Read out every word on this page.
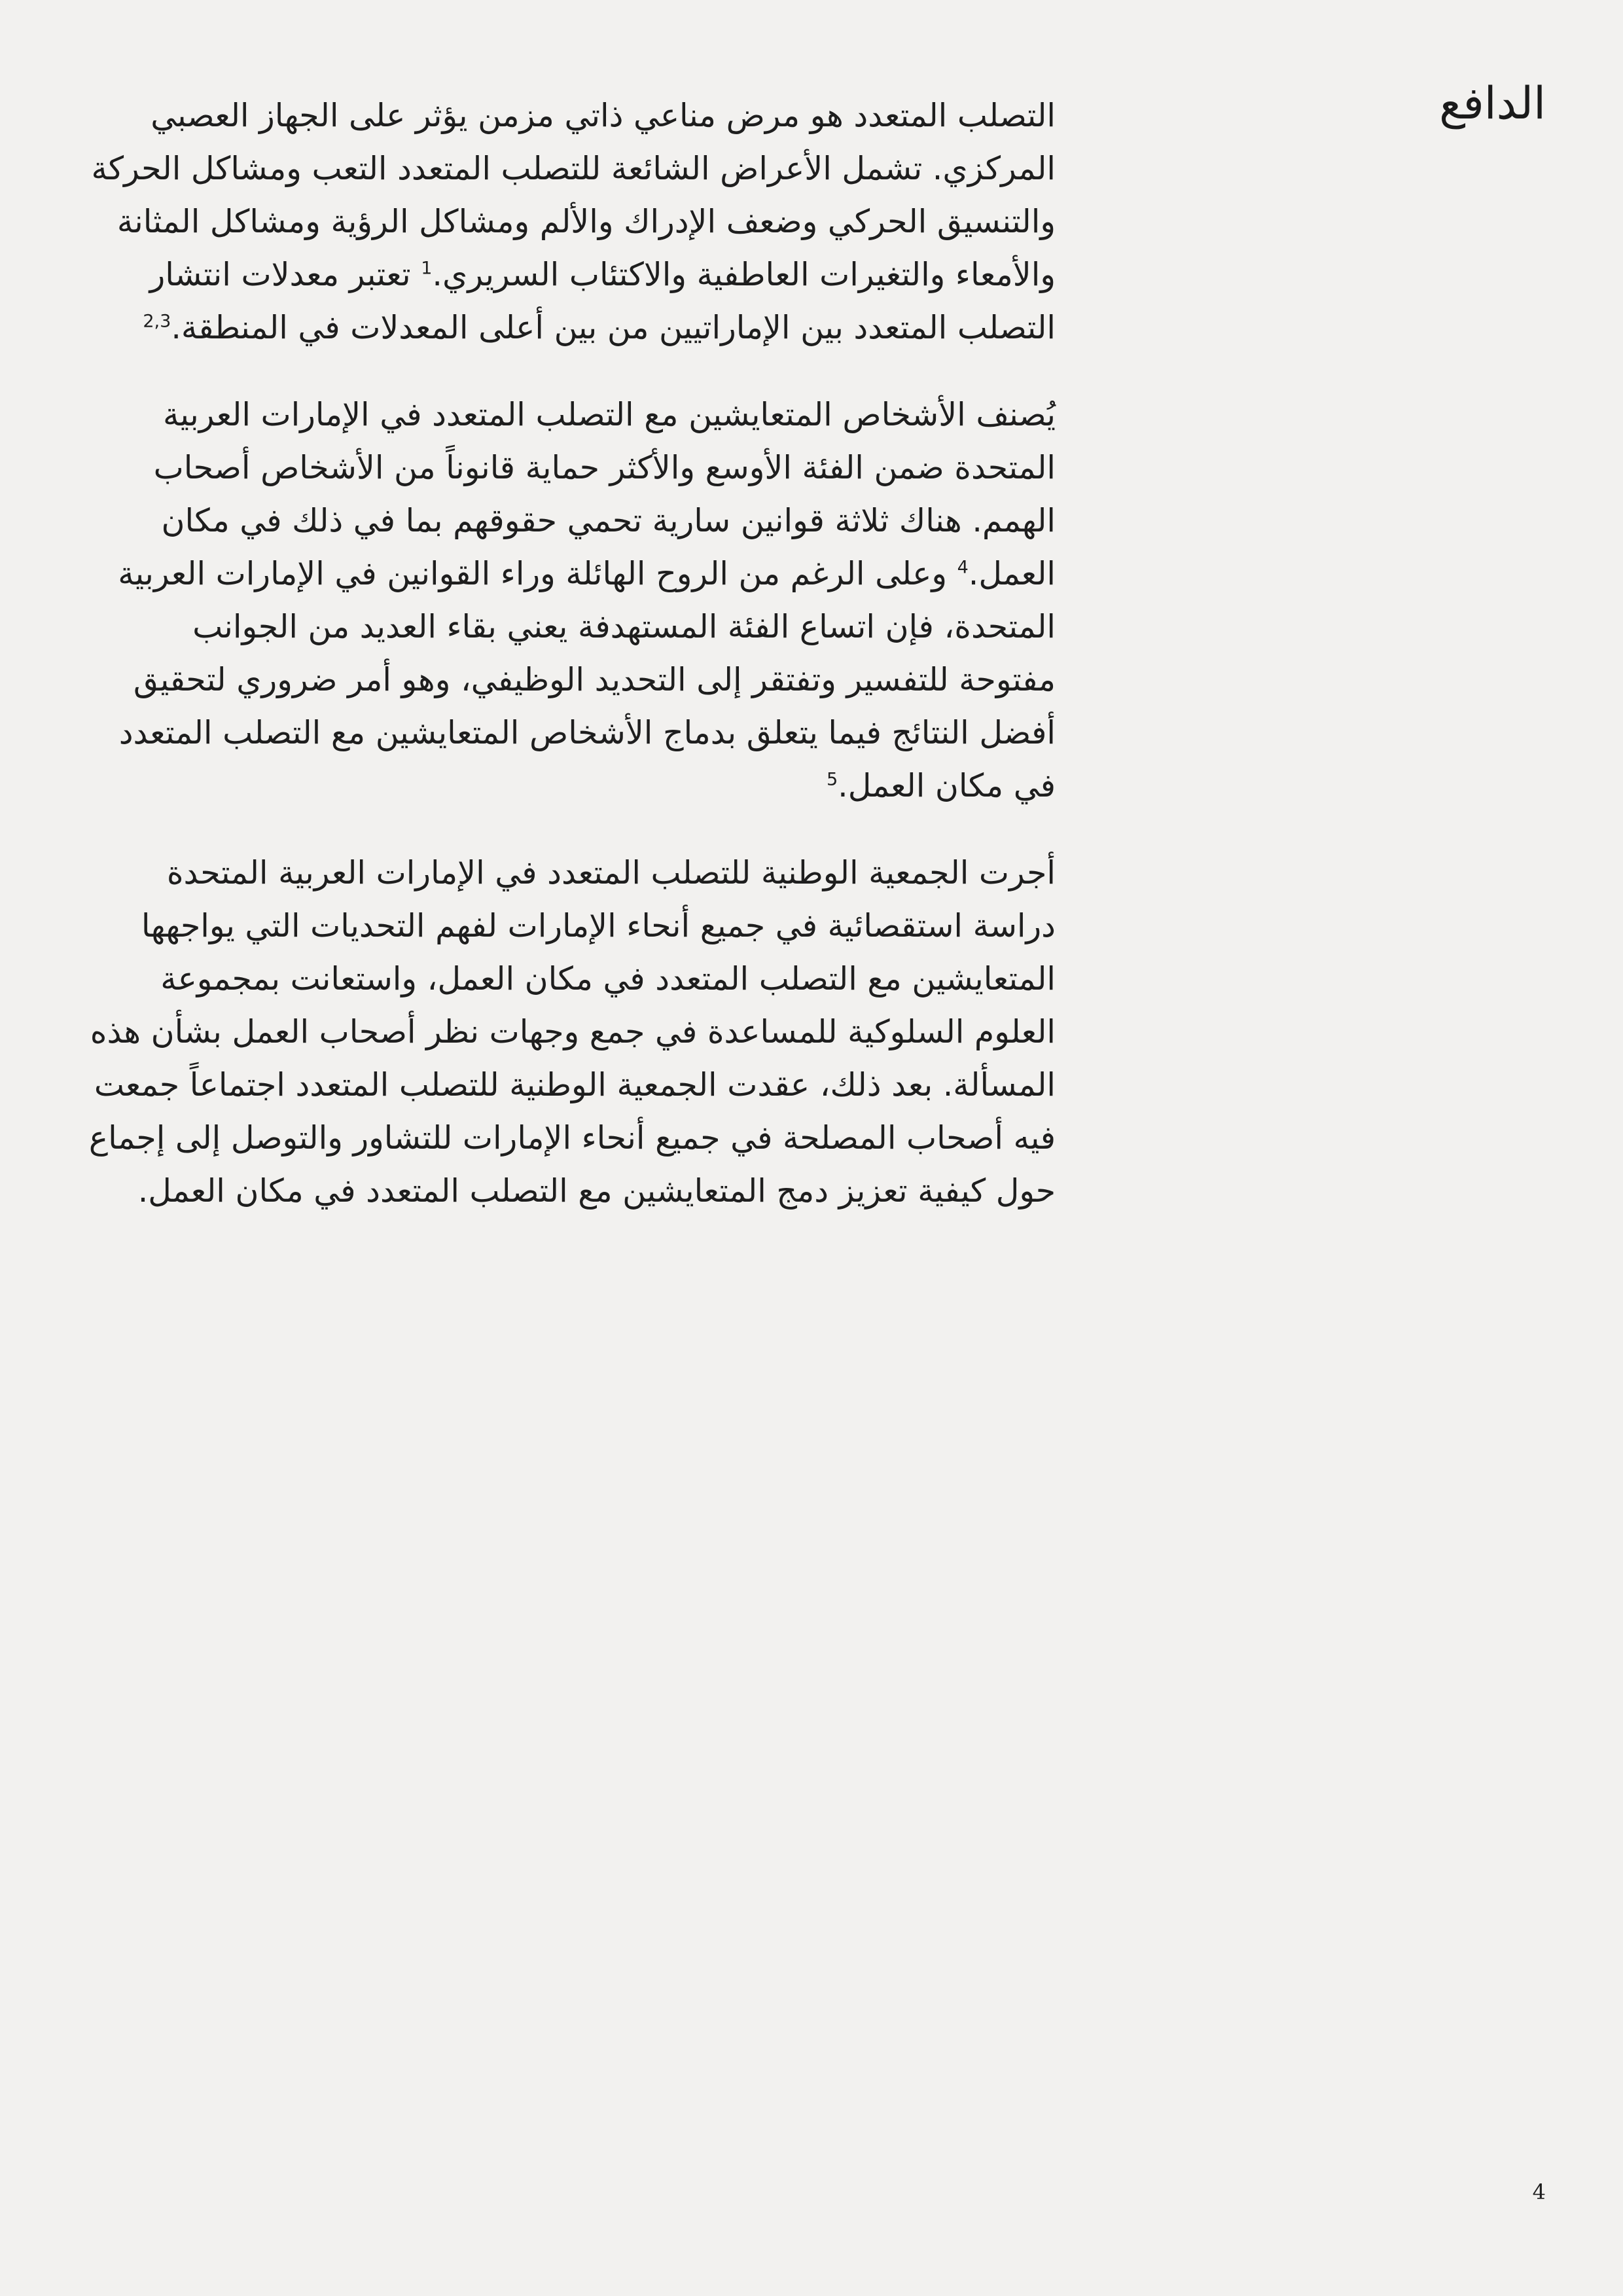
الدافع

التصلب المتعدد هو مرض مناعي ذاتي مزمن يؤثر على الجهاز العصبي المركزي. تشمل الأعراض الشائعة للتصلب المتعدد التعب ومشاكل الحركة والتنسيق الحركي وضعف الإدراك والألم ومشاكل الرؤية ومشاكل المثانة والأمعاء والتغيرات العاطفية والاكتئاب السريري.$^1$ تعتبر معدلات انتشار التصلب المتعدد بين الإماراتيين من بين أعلى المعدلات في المنطقة.$^{2,3}$

يُصنف الأشخاص المتعايشين مع التصلب المتعدد في الإمارات العربية المتحدة ضمن الفئة الأوسع والأكثر حماية قانوناً من الأشخاص أصحاب الهمم. هناك ثلاثة قوانين سارية تحمي حقوقهم بما في ذلك في مكان العمل.$^4$ وعلى الرغم من الروح الهائلة وراء القوانين في الإمارات العربية المتحدة، فإن اتساع الفئة المستهدفة يعني بقاء العديد من الجوانب مفتوحة للتفسير وتفتقر إلى التحديد الوظيفي، وهو أمر ضروري لتحقيق أفضل النتائج فيما يتعلق بدماج الأشخاص المتعايشين مع التصلب المتعدد في مكان العمل.$^5$

أجرت الجمعية الوطنية للتصلب المتعدد في الإمارات العربية المتحدة دراسة استقصائية في جميع أنحاء الإمارات لفهم التحديات التي يواجهها المتعايشين مع التصلب المتعدد في مكان العمل، واستعانت بمجموعة العلوم السلوكية للمساعدة في جمع وجهات نظر أصحاب العمل بشأن هذه المسألة. بعد ذلك، عقدت الجمعية الوطنية للتصلب المتعدد اجتماعاً جمعت فيه أصحاب المصلحة في جميع أنحاء الإمارات للتشاور والتوصل إلى إجماع حول كيفية تعزيز دمج المتعايشين مع التصلب المتعدد في مكان العمل.

4
